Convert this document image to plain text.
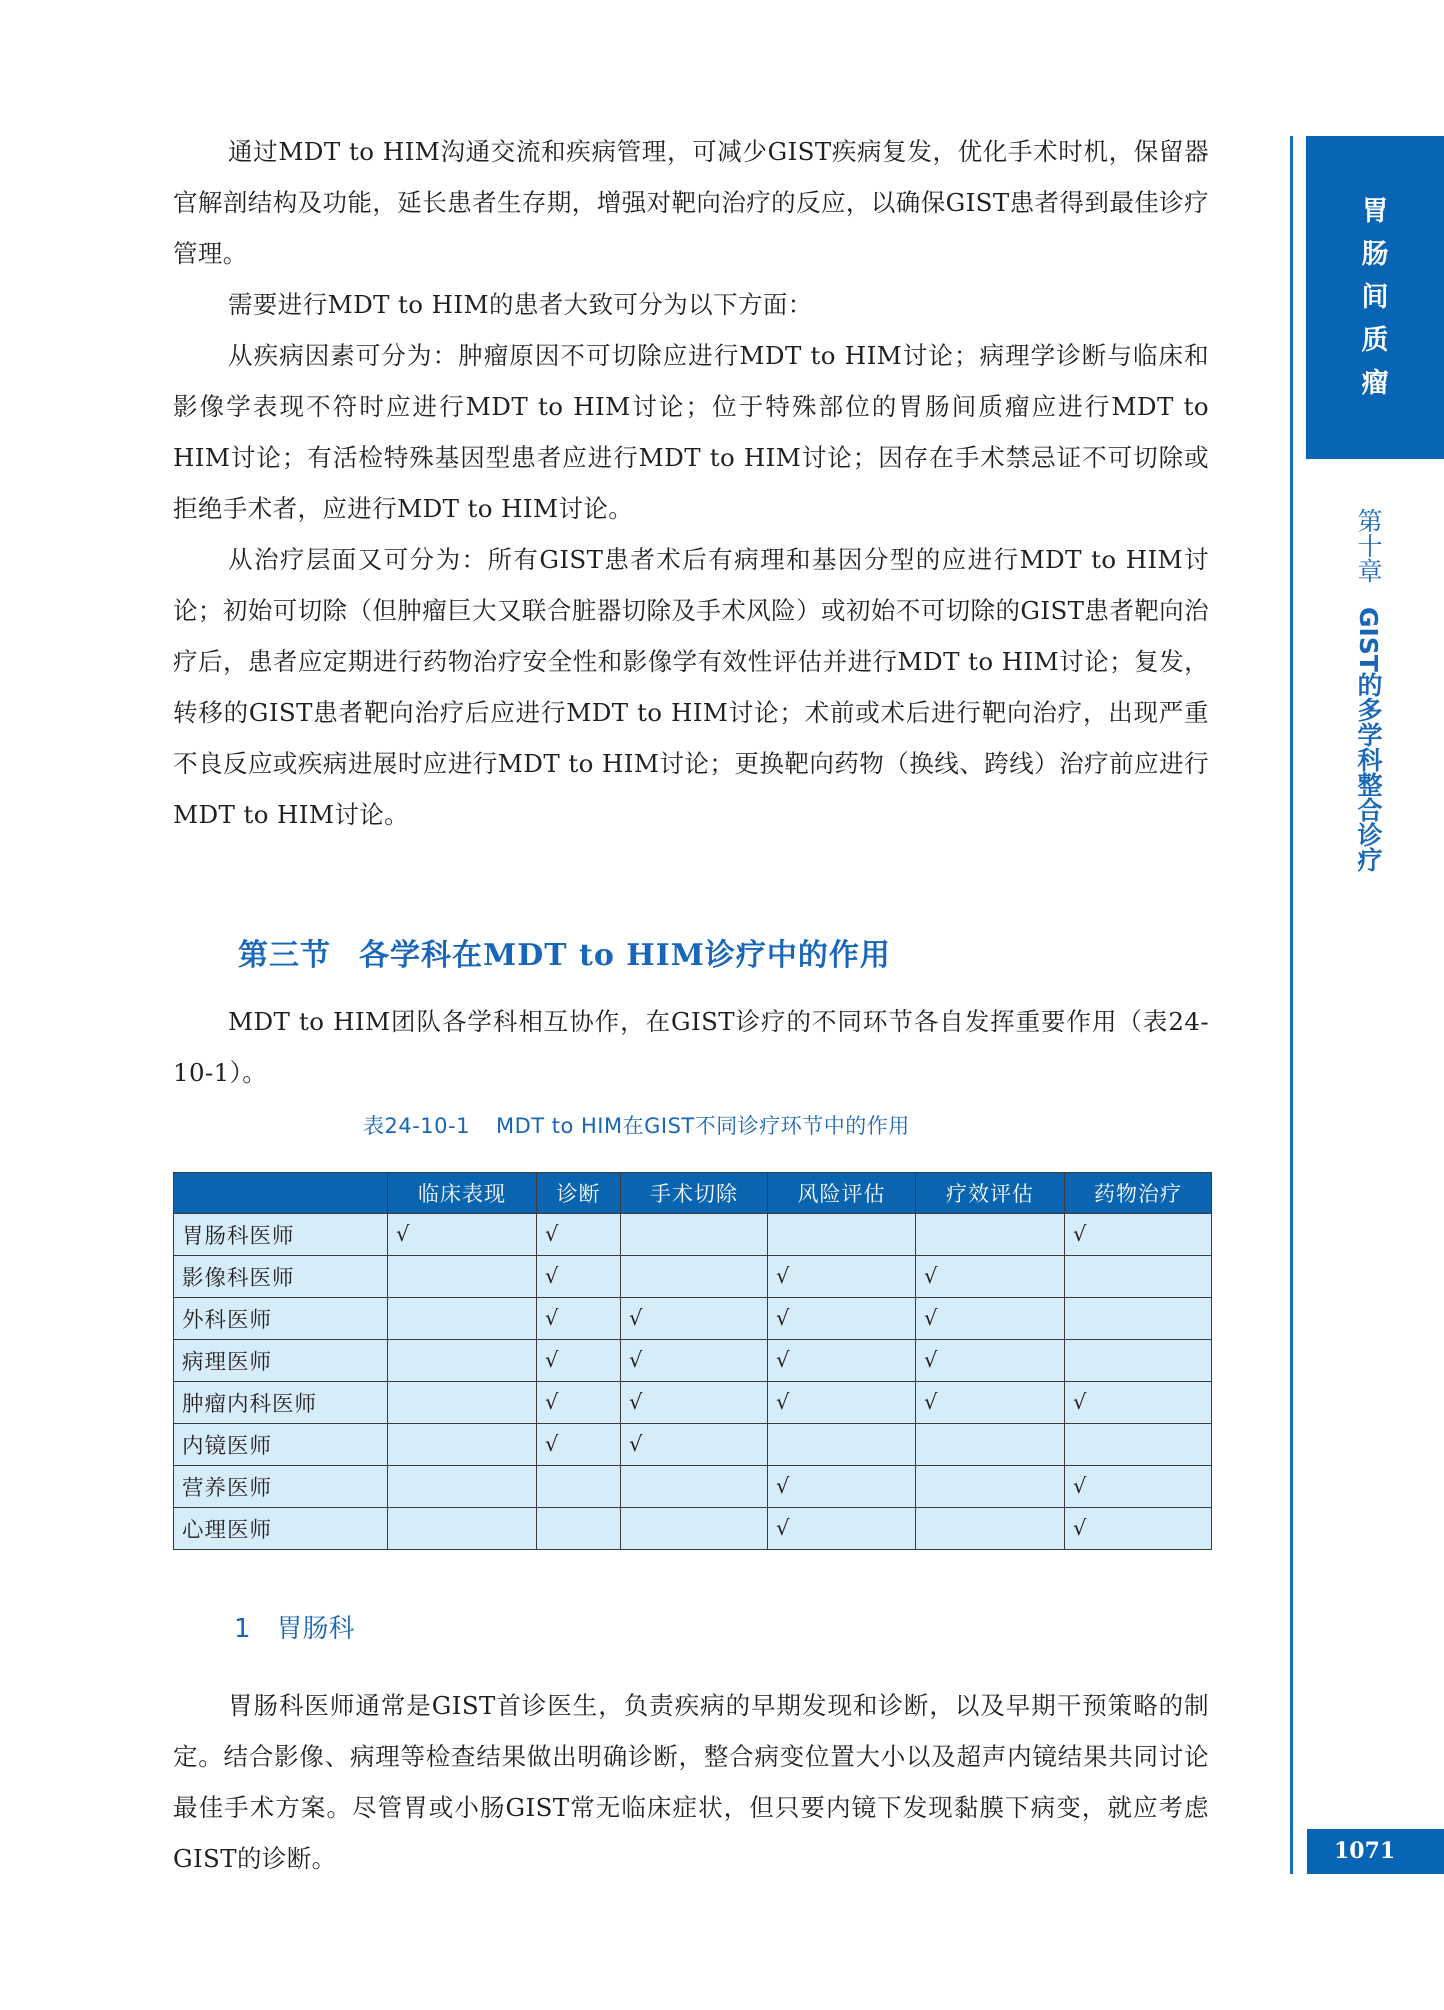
通过MDT to HIM沟通交流和疾病管理，可减少GIST疾病复发，优化手术时机，保留器官解剖结构及功能，延长患者生存期，增强对靶向治疗的反应，以确保GIST患者得到最佳诊疗管理。

需要进行MDT to HIM的患者大致可分为以下方面：

从疾病因素可分为：肿瘤原因不可切除应进行MDT to HIM讨论；病理学诊断与临床和影像学表现不符时应进行MDT to HIM讨论；位于特殊部位的胃肠间质瘤应进行MDT to HIM讨论；有活检特殊基因型患者应进行MDT to HIM讨论；因存在手术禁忌证不可切除或拒绝手术者，应进行MDT to HIM讨论。

从治疗层面又可分为：所有GIST患者术后有病理和基因分型的应进行MDT to HIM讨论；初始可切除（但肿瘤巨大又联合脏器切除及手术风险）或初始不可切除的GIST患者靶向治疗后，患者应定期进行药物治疗安全性和影像学有效性评估并进行MDT to HIM讨论；复发，转移的GIST患者靶向治疗后应进行MDT to HIM讨论；术前或术后进行靶向治疗，出现严重不良反应或疾病进展时应进行MDT to HIM讨论；更换靶向药物（换线、跨线）治疗前应进行MDT to HIM讨论。

第三节 各学科在MDT to HIM诊疗中的作用

MDT to HIM团队各学科相互协作，在GIST诊疗的不同环节各自发挥重要作用（表24-10-1）。

表24-10-1 MDT to HIM在GIST不同诊疗环节中的作用
	临床表现	诊断	手术切除	风险评估	疗效评估	药物治疗
胃肠科医师	√	√				√
影像科医师		√		√	√	
外科医师		√	√	√	√	
病理医师		√	√	√	√	
肿瘤内科医师		√	√	√	√	√
内镜医师		√	√			
营养医师				√		√
心理医师				√		√
1 胃肠科

胃肠科医师通常是GIST首诊医生，负责疾病的早期发现和诊断，以及早期干预策略的制定。结合影像、病理等检查结果做出明确诊断，整合病变位置大小以及超声内镜结果共同讨论最佳手术方案。尽管胃或小肠GIST常无临床症状，但只要内镜下发现黏膜下病变，就应考虑GIST的诊断。

胃
肠
间
质
瘤
第十章GIST的多学科整合诊疗
1071
